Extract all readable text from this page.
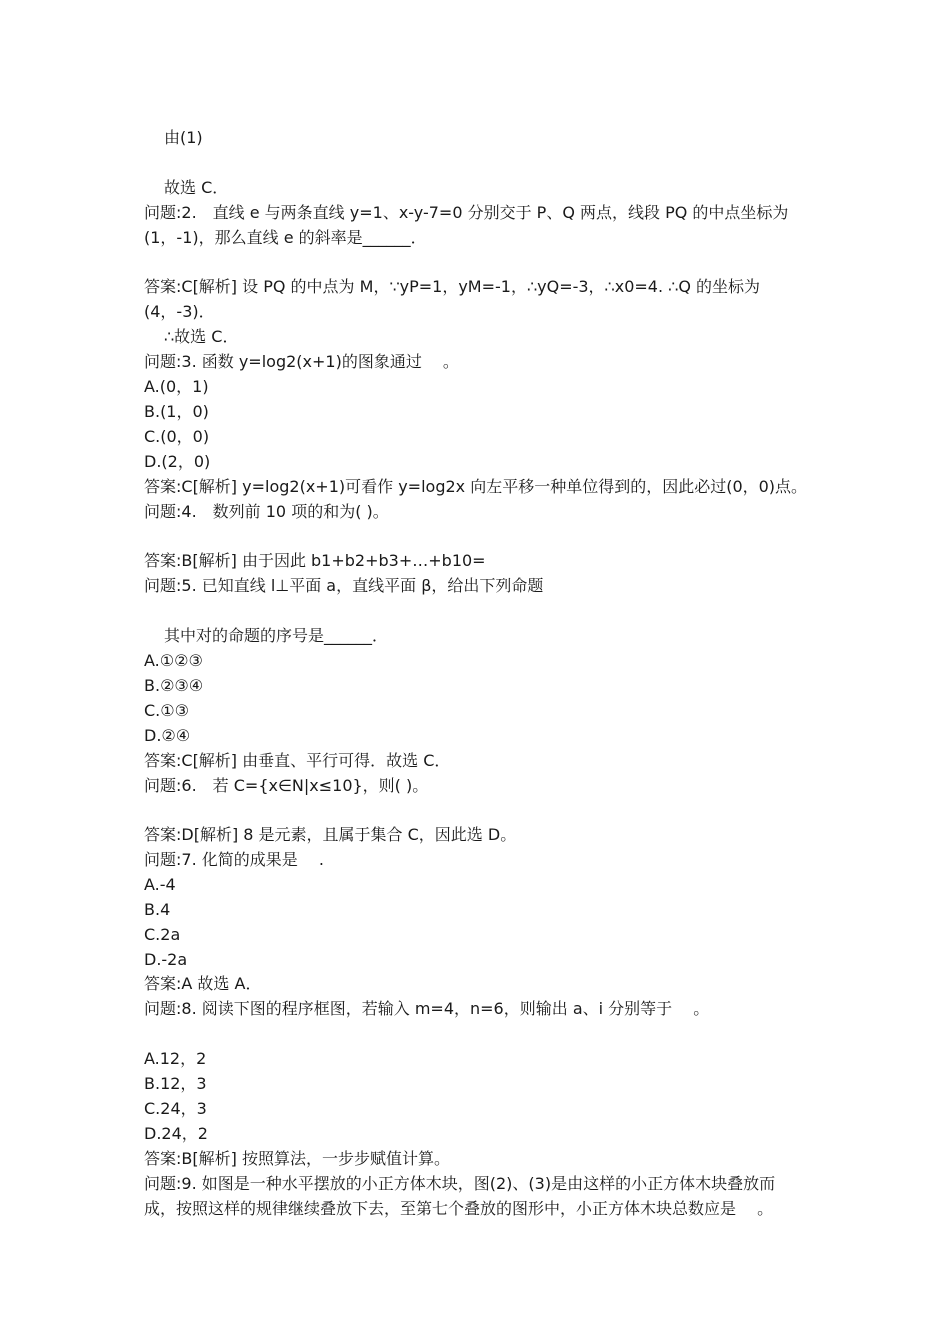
由(1)
故选 C．
问题:2.　直线 e 与两条直线 y=1、x-y-7=0 分别交于 P、Q 两点，线段 PQ 的中点坐标为
(1，-1)，那么直线 e 的斜率是______．
答案:C[解析] 设 PQ 的中点为 M，∵yP=1，yM=-1，∴yQ=-3，∴x0=4. ∴Q 的坐标为
(4，-3)．
∴故选 C．
问题:3. 函数 y=log2(x+1)的图象通过　 。
A.(0，1)
B.(1，0)
C.(0，0)
D.(2，0)
答案:C[解析] y=log2(x+1)可看作 y=log2x 向左平移一种单位得到的，因此必过(0，0)点。
问题:4.　数列前 10 项的和为( )。
答案:B[解析] 由于因此 b1+b2+b3+…+b10=
问题:5. 已知直线 l⊥平面 a，直线平面 β，给出下列命题
其中对的命题的序号是______．
A.①②③
B.②③④
C.①③
D.②④
答案:C[解析] 由垂直、平行可得．故选 C．
问题:6.　若 C={x∈N|x≤10}，则( )。
答案:D[解析] 8 是元素，且属于集合 C，因此选 D。
问题:7. 化简的成果是　 .
A.-4
B.4
C.2a
D.-2a
答案:A 故选 A．
问题:8. 阅读下图的程序框图，若输入 m=4，n=6，则输出 a、i 分别等于　 。
A.12，2
B.12，3
C.24，3
D.24，2
答案:B[解析] 按照算法，一步步赋值计算。
问题:9. 如图是一种水平摆放的小正方体木块，图(2)、(3)是由这样的小正方体木块叠放而
成，按照这样的规律继续叠放下去，至第七个叠放的图形中，小正方体木块总数应是　 。
